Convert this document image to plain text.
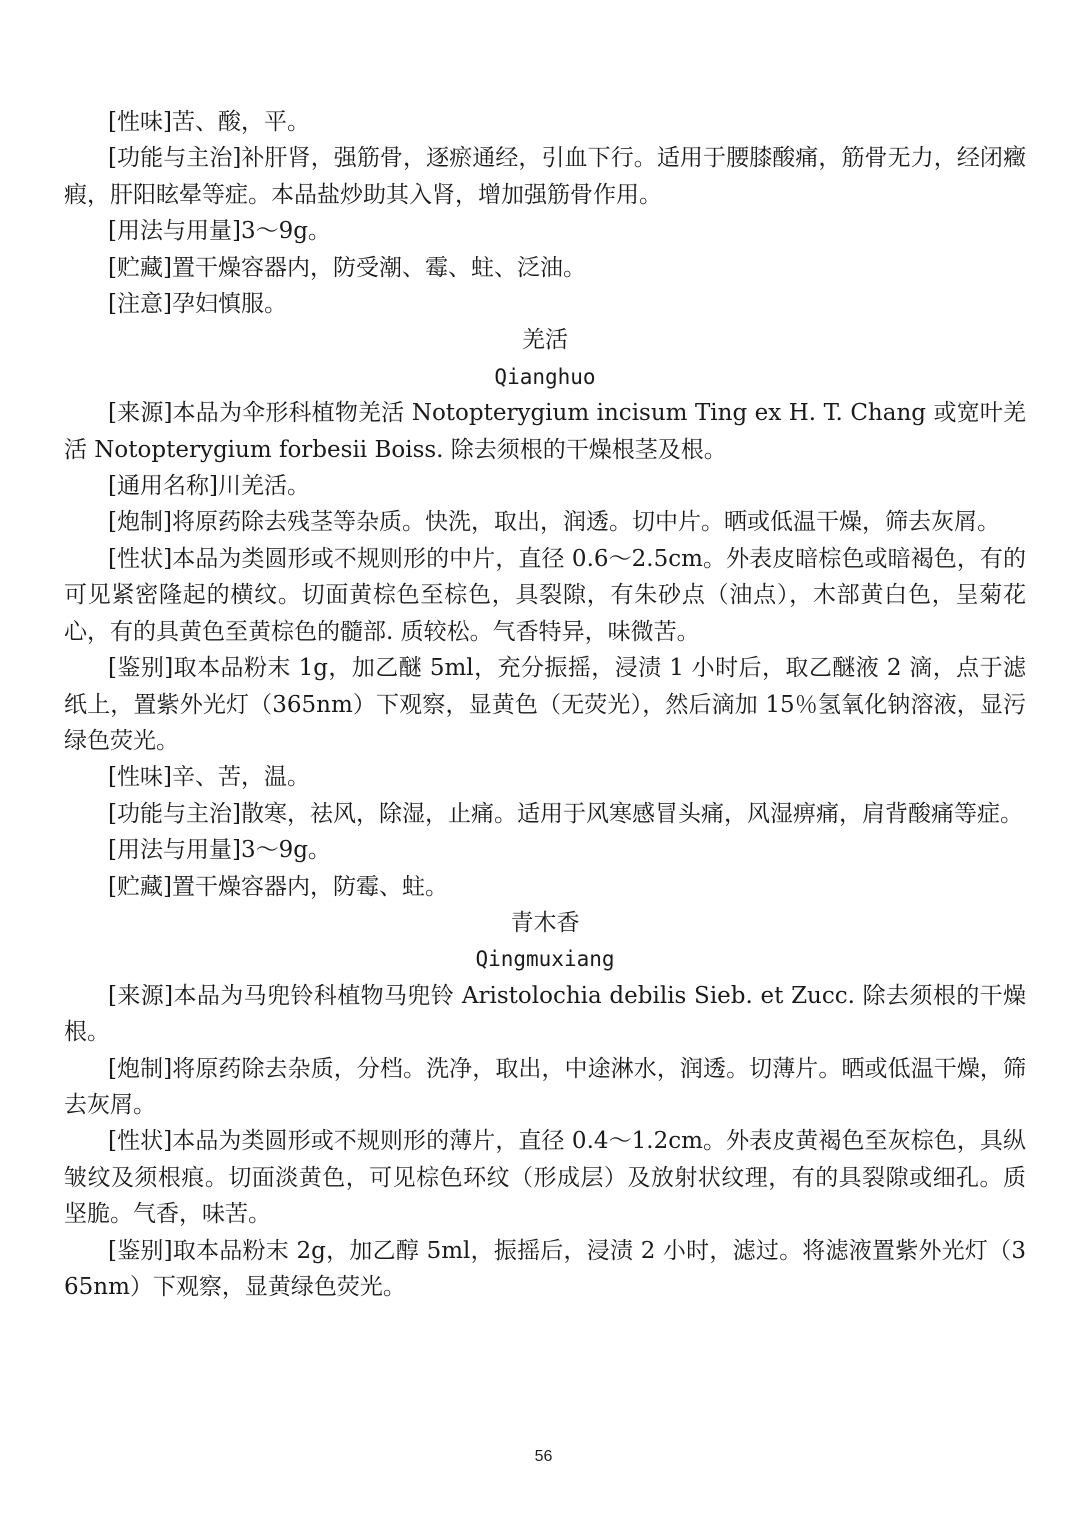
[性味]苦、酸，平。

[功能与主治]补肝肾，强筋骨，逐瘀通经，引血下行。适用于腰膝酸痛，筋骨无力，经闭癥瘕，肝阳眩晕等症。本品盐炒助其入肾，增加强筋骨作用。

[用法与用量]3～9g。

[贮藏]置干燥容器内，防受潮、霉、蛀、泛油。

[注意]孕妇慎服。

羌活

Qianghuo

[来源]本品为伞形科植物羌活 Notopterygium incisum Ting ex H. T. Chang 或宽叶羌活 Notopterygium forbesii Boiss. 除去须根的干燥根茎及根。

[通用名称]川羌活。

[炮制]将原药除去残茎等杂质。快洗，取出，润透。切中片。晒或低温干燥，筛去灰屑。

[性状]本品为类圆形或不规则形的中片，直径 0.6～2.5cm。外表皮暗棕色或暗褐色，有的可见紧密隆起的横纹。切面黄棕色至棕色，具裂隙，有朱砂点（油点），木部黄白色，呈菊花心，有的具黄色至黄棕色的髓部. 质较松。气香特异，味微苦。

[鉴别]取本品粉末 1g，加乙醚 5ml，充分振摇，浸渍 1 小时后，取乙醚液 2 滴，点于滤纸上，置紫外光灯（365nm）下观察，显黄色（无荧光），然后滴加 15％氢氧化钠溶液，显污绿色荧光。

[性味]辛、苦，温。

[功能与主治]散寒，祛风，除湿，止痛。适用于风寒感冒头痛，风湿痹痛，肩背酸痛等症。

[用法与用量]3～9g。

[贮藏]置干燥容器内，防霉、蛀。

青木香

Qingmuxiang

[来源]本品为马兜铃科植物马兜铃 Aristolochia debilis Sieb. et Zucc. 除去须根的干燥根。

[炮制]将原药除去杂质，分档。洗净，取出，中途淋水，润透。切薄片。晒或低温干燥，筛去灰屑。

[性状]本品为类圆形或不规则形的薄片，直径 0.4～1.2cm。外表皮黄褐色至灰棕色，具纵皱纹及须根痕。切面淡黄色，可见棕色环纹（形成层）及放射状纹理，有的具裂隙或细孔。质坚脆。气香，味苦。

[鉴别]取本品粉末 2g，加乙醇 5ml，振摇后，浸渍 2 小时，滤过。将滤液置紫外光灯（365nm）下观察，显黄绿色荧光。

56
